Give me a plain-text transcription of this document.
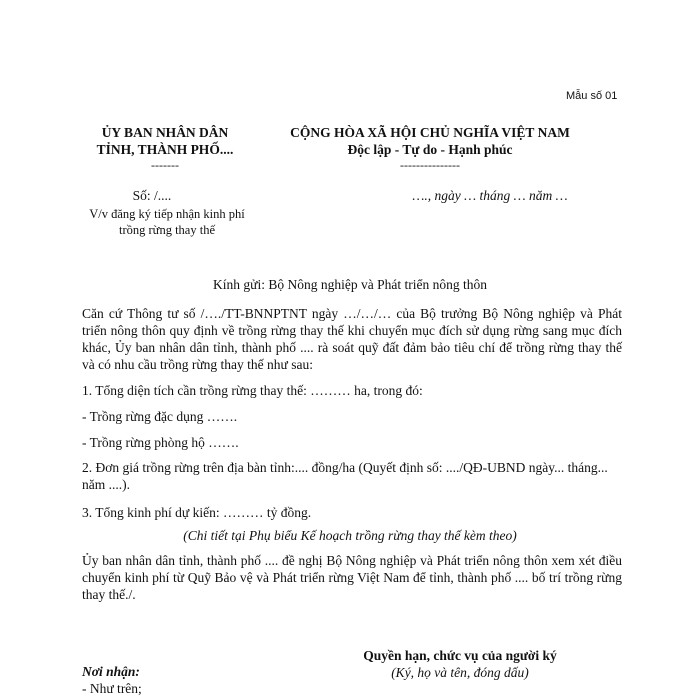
Mẫu số 01
ỦY BAN NHÂN DÂN
TỈNH, THÀNH PHỐ....
-------
CỘNG HÒA XÃ HỘI CHỦ NGHĨA VIỆT NAM
Độc lập - Tự do - Hạnh phúc
---------------
Số: /....
V/v đăng ký tiếp nhận kinh phí
trồng rừng thay thế
…., ngày … tháng … năm …
Kính gửi: Bộ Nông nghiệp và Phát triển nông thôn
Căn cứ Thông tư số /…./TT-BNNPTNT ngày …/…/… của Bộ trưởng Bộ Nông nghiệp và Phát triển nông thôn quy định về trồng rừng thay thế khi chuyển mục đích sử dụng rừng sang mục đích khác, Ủy ban nhân dân tỉnh, thành phố .... rà soát quỹ đất đảm bảo tiêu chí để trồng rừng thay thế và có nhu cầu trồng rừng thay thế như sau:
1. Tổng diện tích cần trồng rừng thay thế: ……… ha, trong đó:
- Trồng rừng đặc dụng …….
- Trồng rừng phòng hộ …….
2. Đơn giá trồng rừng trên địa bàn tỉnh:.... đồng/ha (Quyết định số: ..../QĐ-UBND ngày... tháng... năm ....).
3. Tổng kinh phí dự kiến: ……… tỷ đồng.
(Chi tiết tại Phụ biểu Kế hoạch trồng rừng thay thế kèm theo)
Ủy ban nhân dân tỉnh, thành phố .... đề nghị Bộ Nông nghiệp và Phát triển nông thôn xem xét điều chuyển kinh phí từ Quỹ Bảo vệ và Phát triển rừng Việt Nam để tỉnh, thành phố .... bố trí trồng rừng thay thế./.
Quyền hạn, chức vụ của người ký
(Ký, họ và tên, đóng dấu)
Nơi nhận:
- Như trên;
